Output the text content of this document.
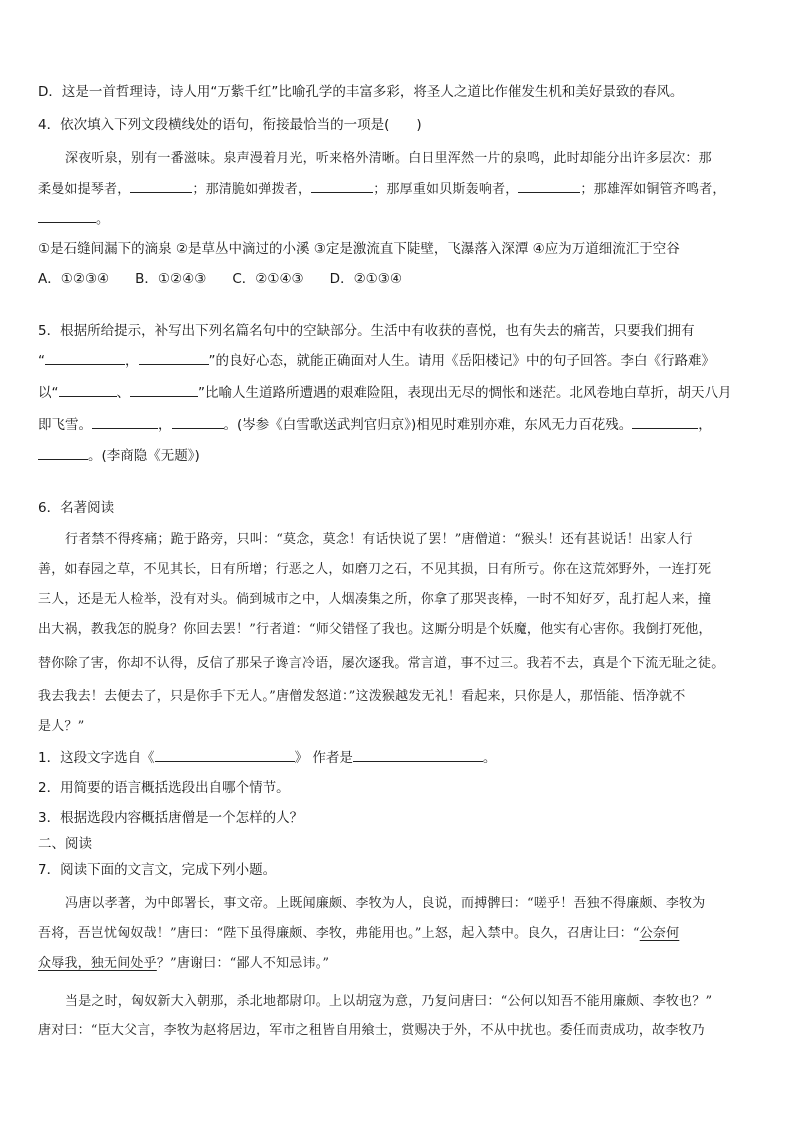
D．这是一首哲理诗，诗人用“万紫千红”比喻孔学的丰富多彩，将圣人之道比作催发生机和美好景致的春风。
4．依次填入下列文段横线处的语句，衔接最恰当的一项是(　　)
深夜听泉，别有一番滋味。泉声漫着月光，听来格外清晰。白日里浑然一片的泉鸣，此时却能分出许多层次：那
柔曼如提琴者，	；那清脆如弹拨者，	；那厚重如贝斯轰响者，	；那雄浑如铜管齐鸣者，
。
①是石缝间漏下的滴泉 ②是草丛中滴过的小溪 ③定是激流直下陡壁，飞瀑落入深潭 ④应为万道细流汇于空谷
A．①②③④ B．①②④③ C．②①④③ D．②①③④
5．根据所给提示，补写出下列名篇名句中的空缺部分。生活中有收获的喜悦，也有失去的痛苦，只要我们拥有
“	，	”的良好心态，就能正确面对人生。请用《岳阳楼记》中的句子回答。李白《行路难》
以“	、	”比喻人生道路所遭遇的艰难险阻，表现出无尽的惆怅和迷茫。北风卷地白草折，胡天八月
即飞雪。	，	。(岑参《白雪歌送武判官归京》)相见时难别亦难，东风无力百花残。	，
。(李商隐《无题》)
6．名著阅读
行者禁不得疼痛；跪于路旁，只叫：“莫念，莫念！有话快说了罢！”唐僧道：“猴头！还有甚说话！出家人行
善，如春园之草，不见其长，日有所增；行恶之人，如磨刀之石，不见其损，日有所亏。你在这荒郊野外，一连打死
三人，还是无人检举，没有对头。倘到城市之中，人烟凑集之所，你拿了那哭丧棒，一时不知好歹，乱打起人来，撞
出大祸，教我怎的脱身？你回去罢！”行者道：“师父错怪了我也。这厮分明是个妖魔，他实有心害你。我倒打死他，
替你除了害，你却不认得，反信了那呆子谗言冷语，屡次逐我。常言道，事不过三。我若不去，真是个下流无耻之徒。
我去我去！去便去了，只是你手下无人。”唐僧发怒道：”这泼猴越发无礼！看起来，只你是人，那悟能、悟净就不
是人？”
1．这段文字选自《	》 作者是	。
2．用简要的语言概括选段出自哪个情节。
3．根据选段内容概括唐僧是一个怎样的人？
二、阅读
7．阅读下面的文言文，完成下列小题。
冯唐以孝著，为中郎署长，事文帝。上既闻廉颇、李牧为人，良说，而搏髀曰：“嗟乎！吾独不得廉颇、李牧为
吾将，吾岂忧匈奴哉！”唐曰：“陛下虽得廉颇、李牧，弗能用也。”上怒，起入禁中。良久，召唐让曰：“公奈何
众辱我，独无间处乎？”唐谢曰：“鄙人不知忌讳。”
当是之时，匈奴新大入朝那，杀北地都尉卬。上以胡寇为意，乃复问唐曰：“公何以知吾不能用廉颇、李牧也？”
唐对曰：“臣大父言，李牧为赵将居边，军市之租皆自用飨士，赏赐决于外，不从中扰也。委任而责成功，故李牧乃
